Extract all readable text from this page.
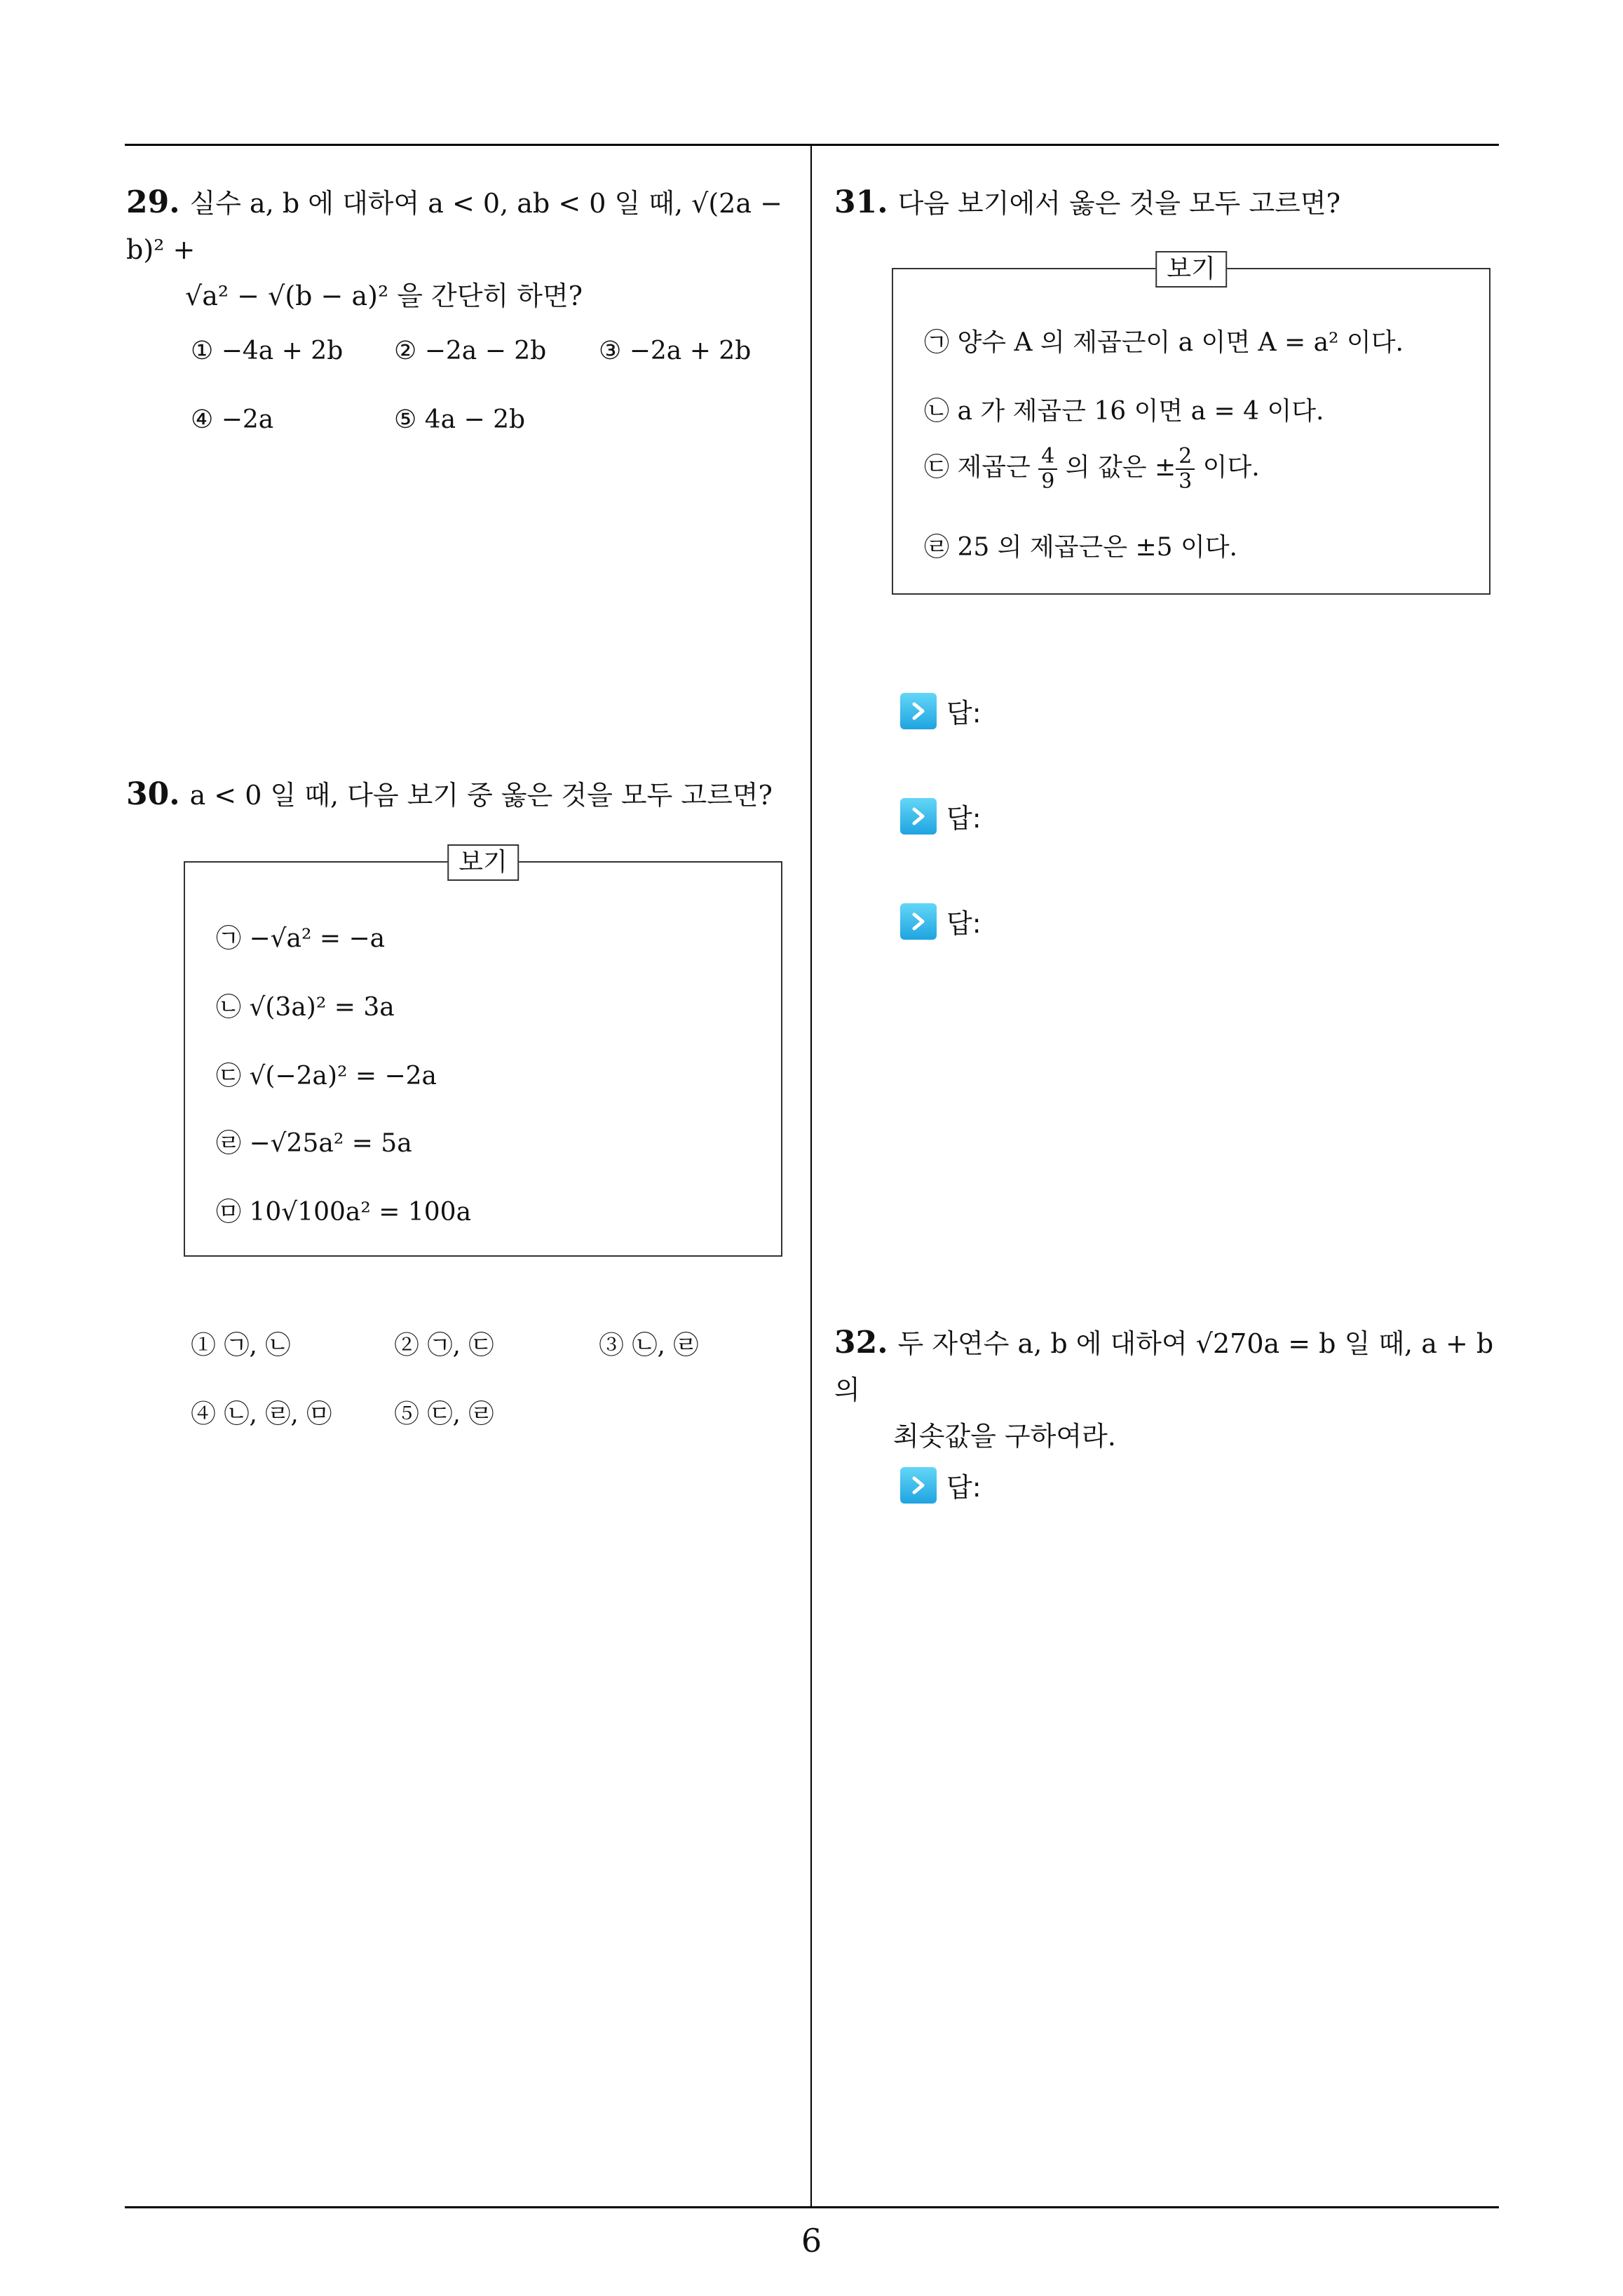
29. 실수 a, b 에 대하여 a < 0, ab < 0 일 때, √(2a − b)² +
√a² − √(b − a)² 을 간단히 하면?
① −4a + 2b ② −2a − 2b ③ −2a + 2b
④ −2a	⑤ 4a − 2b
30. a < 0 일 때, 다음 보기 중 옳은 것을 모두 고르면?
보기
㉠ −√a² = −a
㉡ √(3a)² = 3a
㉢ √(−2a)² = −2a
㉣ −√25a² = 5a
㉤ 10√100a² = 100a
① ㉠, ㉡	② ㉠, ㉢	③ ㉡, ㉣
④ ㉡, ㉣, ㉤ ⑤ ㉢, ㉣
31. 다음 보기에서 옳은 것을 모두 고르면?
보기
㉠ 양수 A 의 제곱근이 a 이면 A = a² 이다.
㉡ a 가 제곱근 16 이면 a = 4 이다.
㉢ 제곱근 $\frac{4}{9}$ 의 값은 ± $\frac{2}{3}$ 이다.
㉣ 25 의 제곱근은 ±5 이다.
답:
답:
답:
32. 두 자연수 a, b 에 대하여 √270a = b 일 때, a + b 의
최솟값을 구하여라.
답:
6
